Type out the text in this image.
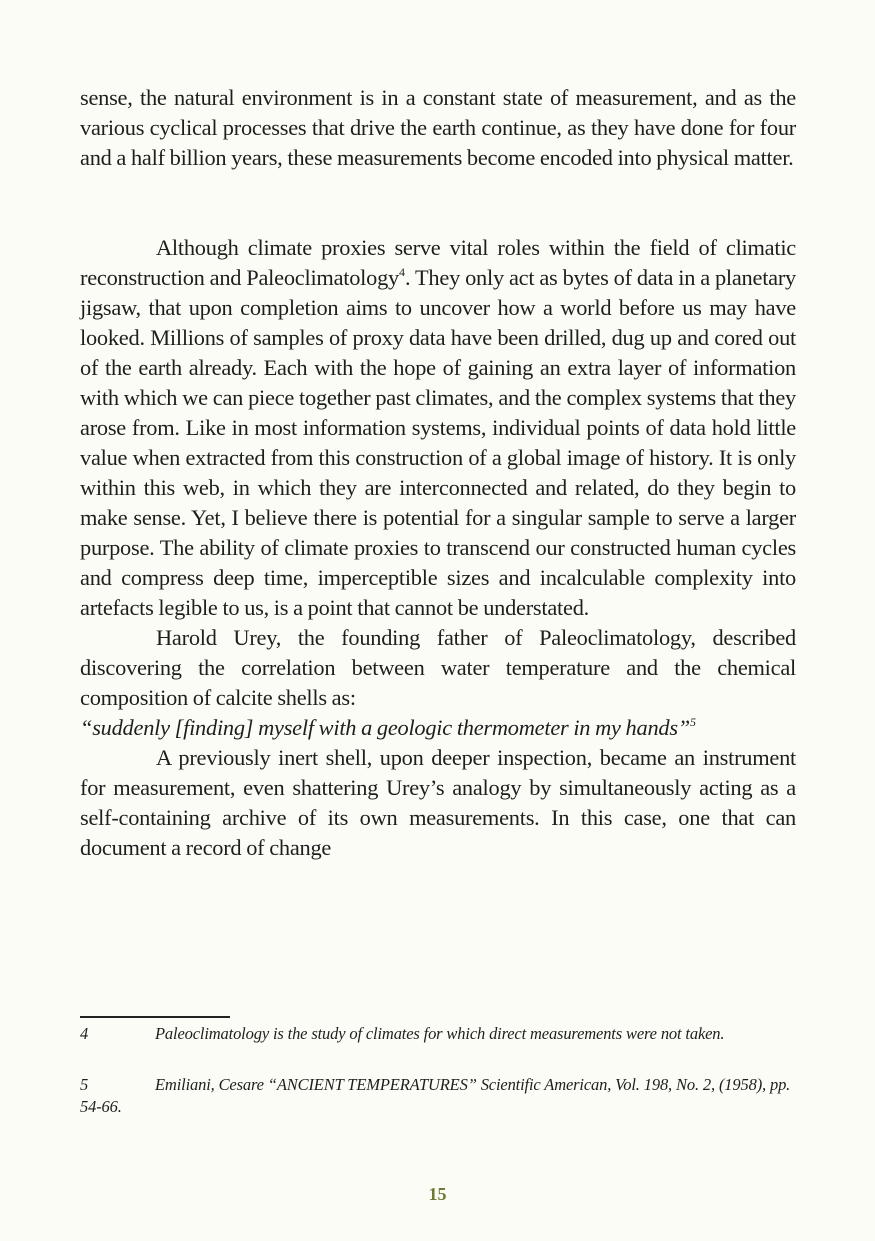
sense, the natural environment is in a constant state of measurement, and as the various cyclical processes that drive the earth continue, as they have done for four and a half billion years, these measurements become encoded into physical matter.

Although climate proxies serve vital roles within the field of climatic reconstruction and Paleoclimatology$^4$. They only act as bytes of data in a planetary jigsaw, that upon completion aims to uncover how a world before us may have looked. Millions of samples of proxy data have been drilled, dug up and cored out of the earth already. Each with the hope of gaining an extra layer of information with which we can piece together past climates, and the complex systems that they arose from. Like in most information systems, individual points of data hold little value when extracted from this construction of a global image of history. It is only within this web, in which they are interconnected and related, do they begin to make sense. Yet, I believe there is potential for a singular sample to serve a larger purpose. The ability of climate proxies to transcend our constructed human cycles and compress deep time, imperceptible sizes and incalculable complexity into artefacts legible to us, is a point that cannot be understated.

Harold Urey, the founding father of Paleoclimatology, described discovering the correlation between water temperature and the chemical composition of calcite shells as:

“suddenly [finding] myself with a geologic thermometer in my hands”$^5$

A previously inert shell, upon deeper inspection, became an instrument for measurement, even shattering Urey’s analogy by simultaneously acting as a self-containing archive of its own measurements. In this case, one that can document a record of change

4	Paleoclimatology is the study of climates for which direct measurements were not taken.
5	Emiliani, Cesare “ANCIENT TEMPERATURES” Scientific American, Vol. 198, No. 2, (1958), pp. 54-66.
15
